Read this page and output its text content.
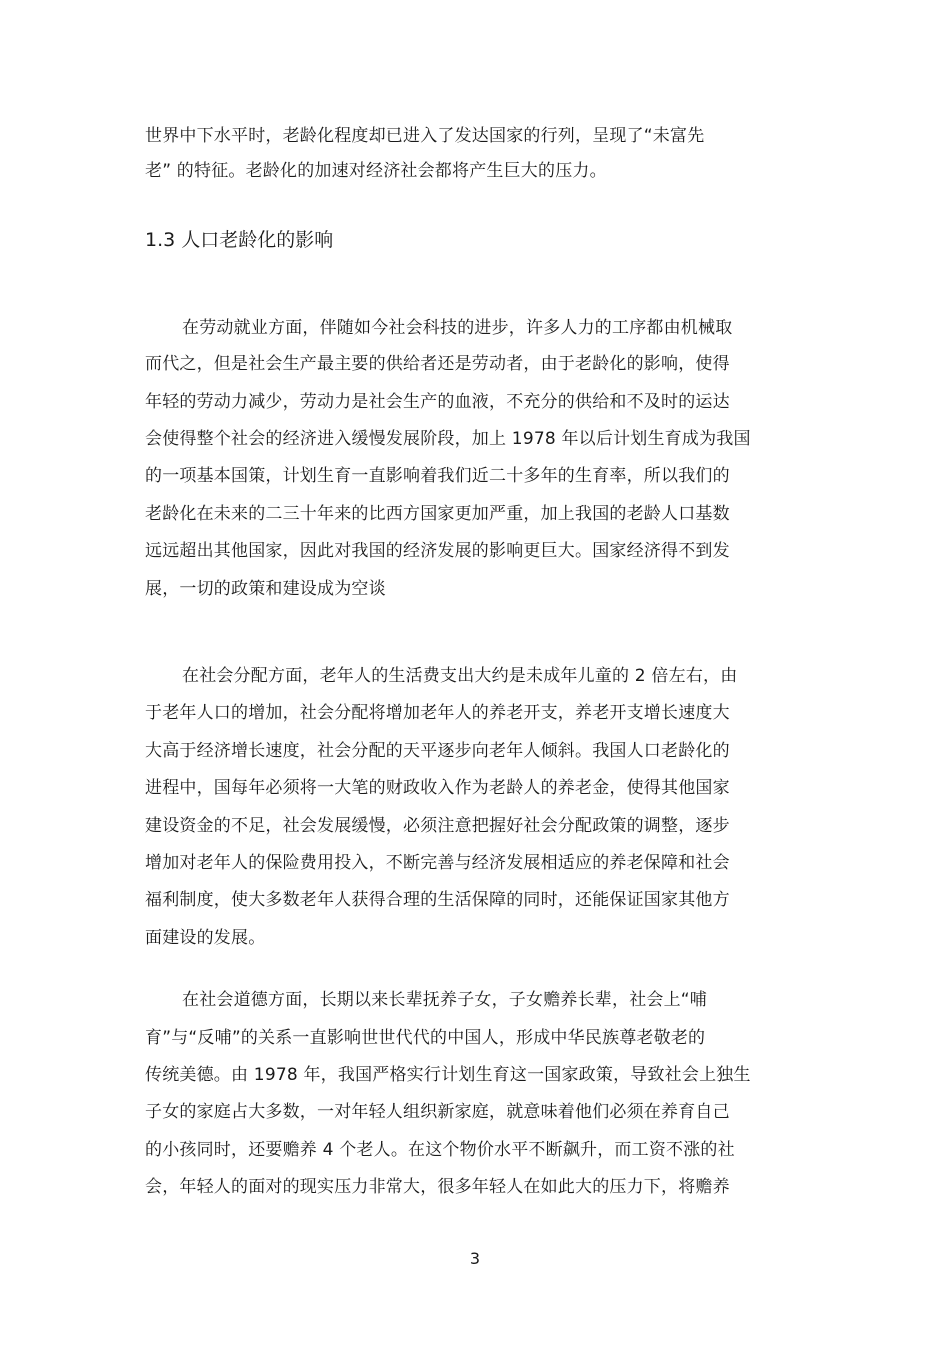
世界中下水平时，老龄化程度却已进入了发达国家的行列，呈现了“未富先
老” 的特征。老龄化的加速对经济社会都将产生巨大的压力。
1.3 人口老龄化的影响
在劳动就业方面，伴随如今社会科技的进步，许多人力的工序都由机械取
而代之，但是社会生产最主要的供给者还是劳动者，由于老龄化的影响，使得
年轻的劳动力减少，劳动力是社会生产的血液，不充分的供给和不及时的运达
会使得整个社会的经济进入缓慢发展阶段，加上 1978 年以后计划生育成为我国
的一项基本国策，计划生育一直影响着我们近二十多年的生育率，所以我们的
老龄化在未来的二三十年来的比西方国家更加严重，加上我国的老龄人口基数
远远超出其他国家，因此对我国的经济发展的影响更巨大。国家经济得不到发
展，一切的政策和建设成为空谈
在社会分配方面，老年人的生活费支出大约是未成年儿童的 2 倍左右，由
于老年人口的增加，社会分配将增加老年人的养老开支，养老开支增长速度大
大高于经济增长速度，社会分配的天平逐步向老年人倾斜。我国人口老龄化的
进程中，国每年必须将一大笔的财政收入作为老龄人的养老金，使得其他国家
建设资金的不足，社会发展缓慢，必须注意把握好社会分配政策的调整，逐步
增加对老年人的保险费用投入，不断完善与经济发展相适应的养老保障和社会
福利制度，使大多数老年人获得合理的生活保障的同时，还能保证国家其他方
面建设的发展。
在社会道德方面，长期以来长辈抚养子女，子女赡养长辈，社会上“哺
育”与“反哺”的关系一直影响世世代代的中国人，形成中华民族尊老敬老的
传统美德。由 1978 年，我国严格实行计划生育这一国家政策，导致社会上独生
子女的家庭占大多数，一对年轻人组织新家庭，就意味着他们必须在养育自己
的小孩同时，还要赡养 4 个老人。在这个物价水平不断飙升，而工资不涨的社
会，年轻人的面对的现实压力非常大，很多年轻人在如此大的压力下，将赡养
3
